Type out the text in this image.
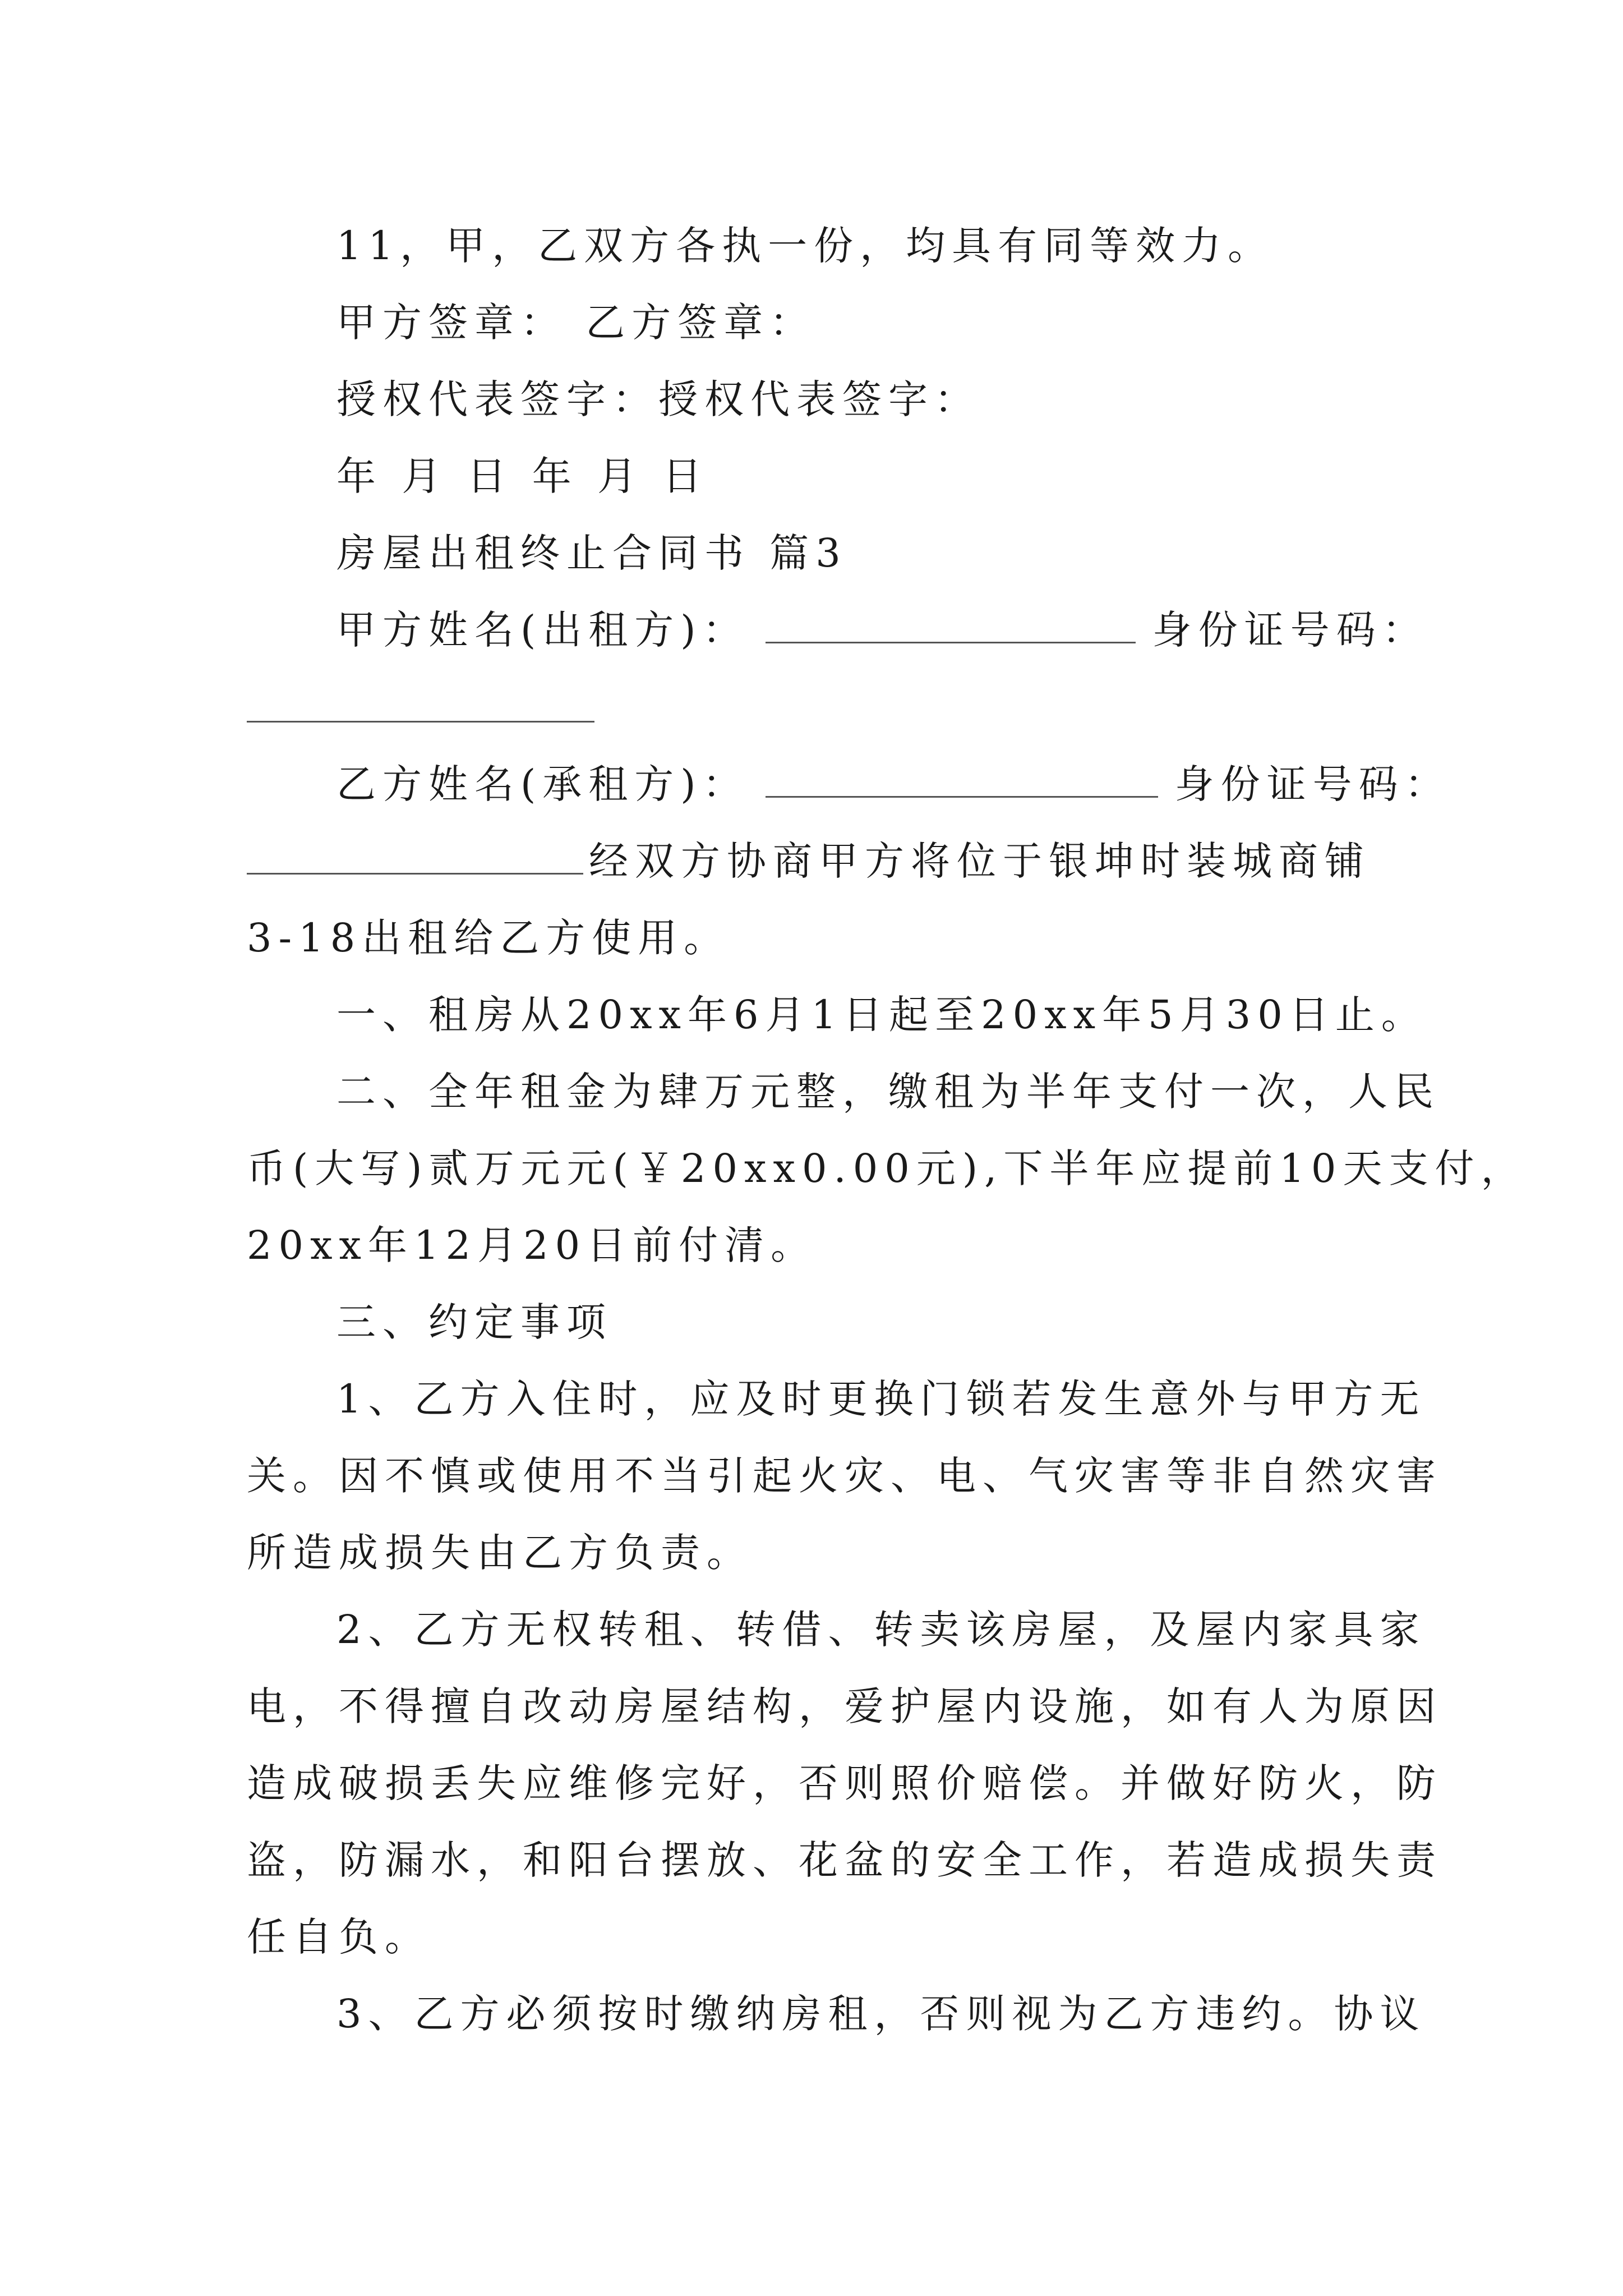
11，甲，乙双方各执一份，均具有同等效力。
甲方签章： 乙方签章：
授权代表签字：授权代表签字：
年 月 日 年 月 日
房屋出租终止合同书 篇3
甲方姓名(出租方)：	身份证号码：
乙方姓名(承租方)：	身份证号码：
经双方协商甲方将位于银坤时装城商铺
3-18出租给乙方使用。
一、租房从20xx年6月1日起至20xx年5月30日止。
二、全年租金为肆万元整，缴租为半年支付一次，人民
币(大写)贰万元元(￥20xx0.00元),下半年应提前10天支付，
20xx年12月20日前付清。
三、约定事项
1、乙方入住时，应及时更换门锁若发生意外与甲方无
关。因不慎或使用不当引起火灾、电、气灾害等非自然灾害
所造成损失由乙方负责。
2、乙方无权转租、转借、转卖该房屋，及屋内家具家
电，不得擅自改动房屋结构，爱护屋内设施，如有人为原因
造成破损丢失应维修完好，否则照价赔偿。并做好防火，防
盗，防漏水，和阳台摆放、花盆的安全工作，若造成损失责
任自负。
3、乙方必须按时缴纳房租，否则视为乙方违约。协议
